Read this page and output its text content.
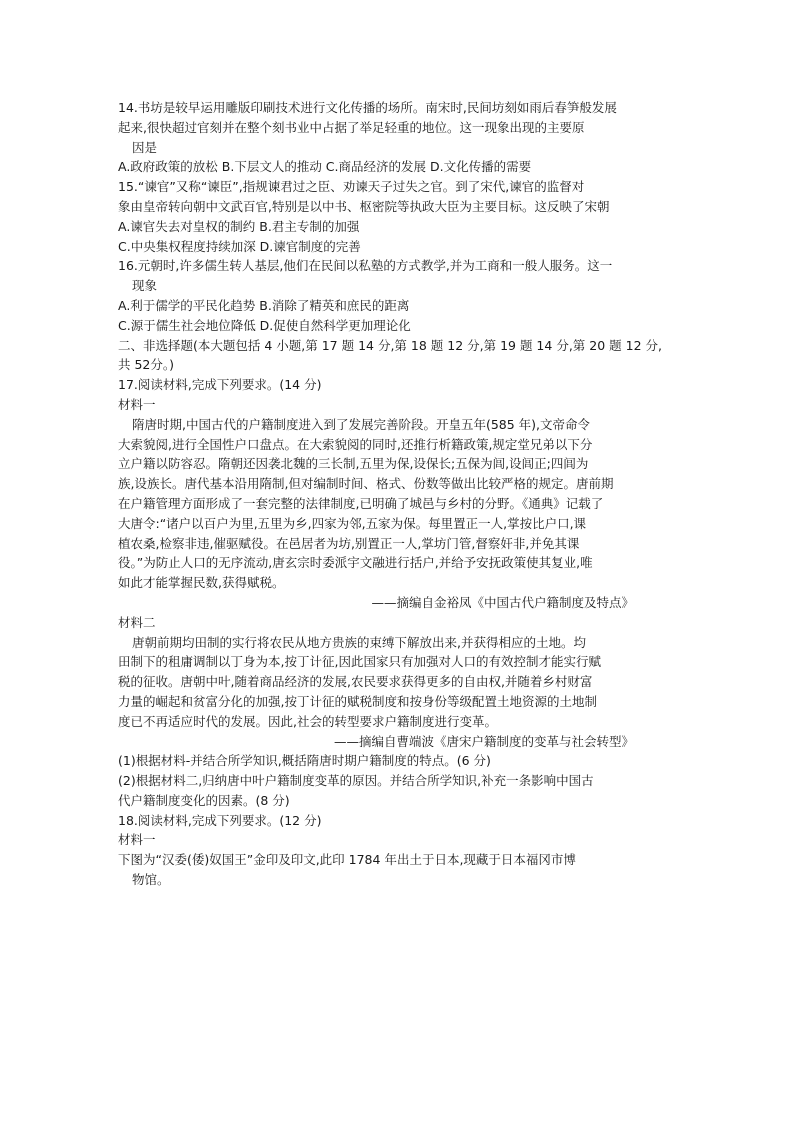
14.书坊是较早运用雕版印刷技术进行文化传播的场所。南宋时,民间坊刻如雨后春笋般发展
起来,很快超过官刻并在整个刻书业中占据了举足轻重的地位。这一现象出现的主要原
因是
A.政府政策的放松 B.下层文人的推动 C.商品经济的发展 D.文化传播的需要
15.“谏官”又称“谏臣”,指规谏君过之臣、劝谏天子过失之官。到了宋代,谏官的监督对
象由皇帝转向朝中文武百官,特别是以中书、枢密院等执政大臣为主要目标。这反映了宋朝
A.谏官失去对皇权的制约 B.君主专制的加强
C.中央集权程度持续加深 D.谏官制度的完善
16.元朝时,许多儒生转人基层,他们在民间以私塾的方式教学,并为工商和一般人服务。这一
现象
A.利于儒学的平民化趋势 B.消除了精英和庶民的距离
C.源于儒生社会地位降低 D.促使自然科学更加理论化
二、非选择题(本大题包括 4 小题,第 17 题 14 分,第 18 题 12 分,第 19 题 14 分,第 20 题 12 分,
共 52分。)
17.阅读材料,完成下列要求。(14 分)
材料一
隋唐时期,中国古代的户籍制度进入到了发展完善阶段。开皇五年(585 年),文帝命令
大索貌阅,进行全国性户口盘点。在大索貌阅的同时,还推行析籍政策,规定堂兄弟以下分
立户籍以防容忍。隋朝还因袭北魏的三长制,五里为保,设保长;五保为闾,设闾正;四闾为
族,设族长。唐代基本沿用隋制,但对编制时间、格式、份数等做出比较严格的规定。唐前期
在户籍管理方面形成了一套完整的法律制度,已明确了城邑与乡村的分野。《通典》记载了
大唐令:“诸户以百户为里,五里为乡,四家为邻,五家为保。每里置正一人,掌按比户口,课
植农桑,检察非违,催驱赋役。在邑居者为坊,别置正一人,掌坊门管,督察奸非,并免其课
役。”为防止人口的无序流动,唐玄宗时委派宇文融进行括户,并给予安抚政策使其复业,唯
如此才能掌握民数,获得赋税。
——摘编自金裕凤《中国古代户籍制度及特点》
材料二
唐朝前期均田制的实行将农民从地方贵族的束缚下解放出来,并获得相应的土地。均
田制下的租庸调制以丁身为本,按丁计征,因此国家只有加强对人口的有效控制才能实行赋
税的征收。唐朝中叶,随着商品经济的发展,农民要求获得更多的自由权,并随着乡村财富
力量的崛起和贫富分化的加强,按丁计征的赋税制度和按身份等级配置土地资源的土地制
度已不再适应时代的发展。因此,社会的转型要求户籍制度进行变革。
——摘编自曹端波《唐宋户籍制度的变革与社会转型》
(1)根据材料-并结合所学知识,概括隋唐时期户籍制度的特点。(6 分)
(2)根据材料二,归纳唐中叶户籍制度变革的原因。并结合所学知识,补充一条影响中国古
代户籍制度变化的因素。(8 分)
18.阅读材料,完成下列要求。(12 分)
材料一
下图为“汉委(倭)奴国王”金印及印文,此印 1784 年出土于日本,现藏于日本福冈市博
物馆。
